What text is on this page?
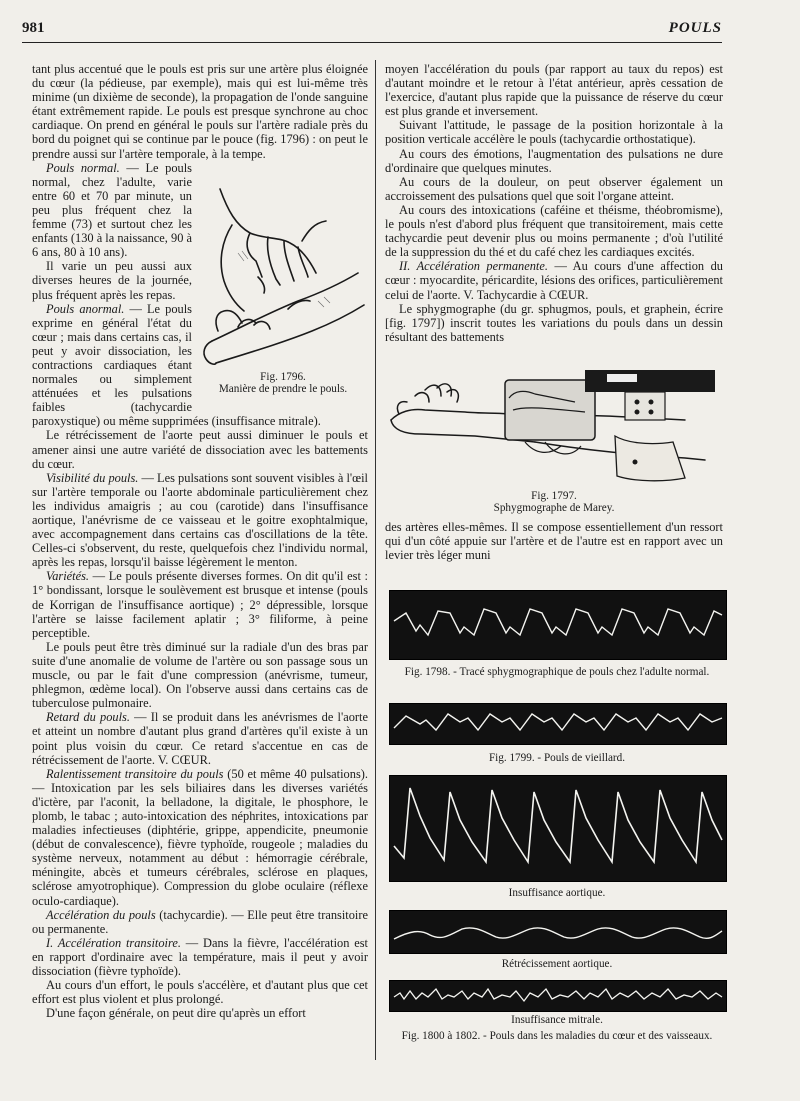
981	POULS

tant plus accentué que le pouls est pris sur une artère plus éloignée du cœur (la pédieuse, par exemple), mais qui est lui-même très minime (un dixième de seconde), la propagation de l'onde sanguine étant extrêmement rapide. Le pouls est presque synchrone au choc cardiaque. On prend en général le pouls sur l'artère radiale près du bord du poignet qui se continue par le pouce (fig. 1796) : on peut le prendre aussi sur l'artère temporale, à la tempe.

Fig. 1796.
Manière de prendre le pouls.

Pouls normal. — Le pouls normal, chez l'adulte, varie entre 60 et 70 par minute, un peu plus fréquent chez la femme (73) et surtout chez les enfants (130 à la naissance, 90 à 6 ans, 80 à 10 ans).

Il varie un peu aussi aux diverses heures de la journée, plus fréquent après les repas.

Pouls anormal. — Le pouls exprime en général l'état du cœur ; mais dans certains cas, il peut y avoir dissociation, les contractions cardiaques étant normales ou simplement atténuées et les pulsations faibles (tachycardie paroxystique) ou même supprimées (insuffisance mitrale).

Le rétrécissement de l'aorte peut aussi diminuer le pouls et amener ainsi une autre variété de dissociation avec les battements du cœur.

Visibilité du pouls. — Les pulsations sont souvent visibles à l'œil sur l'artère temporale ou l'aorte abdominale particulièrement chez les individus amaigris ; au cou (carotide) dans l'insuffisance aortique, l'anévrisme de ce vaisseau et le goitre exophtalmique, avec accompagnement dans certains cas d'oscillations de la tête. Celles-ci s'observent, du reste, quelquefois chez l'individu normal, après les repas, lorsqu'il baisse légèrement le menton.

Variétés. — Le pouls présente diverses formes. On dit qu'il est : 1° bondissant, lorsque le soulèvement est brusque et intense (pouls de Korrigan de l'insuffisance aortique) ; 2° dépressible, lorsque l'artère se laisse facilement aplatir ; 3° filiforme, à peine perceptible.

Le pouls peut être très diminué sur la radiale d'un des bras par suite d'une anomalie de volume de l'artère ou son passage sous un muscle, ou par le fait d'une compression (anévrisme, tumeur, phlegmon, œdème local). On l'observe aussi dans certains cas de tuberculose pulmonaire.

Retard du pouls. — Il se produit dans les anévrismes de l'aorte et atteint un nombre d'autant plus grand d'artères qu'il existe à un point plus voisin du cœur. Ce retard s'accentue en cas de rétrécissement de l'aorte. V. CŒUR.

Ralentissement transitoire du pouls (50 et même 40 pulsations). — Intoxication par les sels biliaires dans les diverses variétés d'ictère, par l'aconit, la belladone, la digitale, le phosphore, le plomb, le tabac ; auto-intoxication des néphrites, intoxications par maladies infectieuses (diphtérie, grippe, appendicite, pneumonie (début de convalescence), fièvre typhoïde, rougeole ; maladies du système nerveux, notamment au début : hémorragie cérébrale, méningite, abcès et tumeurs cérébrales, sclérose en plaques, sclérose amyotrophique). Compression du globe oculaire (réflexe oculo-cardiaque).

Accélération du pouls (tachycardie). — Elle peut être transitoire ou permanente.

I. Accélération transitoire. — Dans la fièvre, l'accélération est en rapport d'ordinaire avec la température, mais il peut y avoir dissociation (fièvre typhoïde).

Au cours d'un effort, le pouls s'accélère, et d'autant plus que cet effort est plus violent et plus prolongé.

D'une façon générale, on peut dire qu'après un effort

moyen l'accélération du pouls (par rapport au taux du repos) est d'autant moindre et le retour à l'état antérieur, après cessation de l'exercice, d'autant plus rapide que la puissance de réserve du cœur est plus grande et inversement.

Suivant l'attitude, le passage de la position horizontale à la position verticale accélère le pouls (tachycardie orthostatique).

Au cours des émotions, l'augmentation des pulsations ne dure d'ordinaire que quelques minutes.

Au cours de la douleur, on peut observer également un accroissement des pulsations quel que soit l'organe atteint.

Au cours des intoxications (caféine et théisme, théobromisme), le pouls n'est d'abord plus fréquent que transitoirement, mais cette tachycardie peut devenir plus ou moins permanente ; d'où l'utilité de la suppression du thé et du café chez les cardiaques excités.

II. Accélération permanente. — Au cours d'une affection du cœur : myocardite, péricardite, lésions des orifices, particulièrement celui de l'aorte. V. Tachycardie à CŒUR.

Le sphygmographe (du gr. sphugmos, pouls, et graphein, écrire [fig. 1797]) inscrit toutes les variations du pouls dans un dessin résultant des battements

Fig. 1797.
Sphygmographe de Marey.

des artères elles-mêmes. Il se compose essentiellement d'un ressort qui d'un côté appuie sur l'artère et de l'autre est en rapport avec un levier très léger muni

Fig. 1798. - Tracé sphygmographique de pouls chez l'adulte normal.
Fig. 1799. - Pouls de vieillard.
Insuffisance aortique.
Rétrécissement aortique.
Insuffisance mitrale.
Fig. 1800 à 1802. - Pouls dans les maladies du cœur et des vaisseaux.
